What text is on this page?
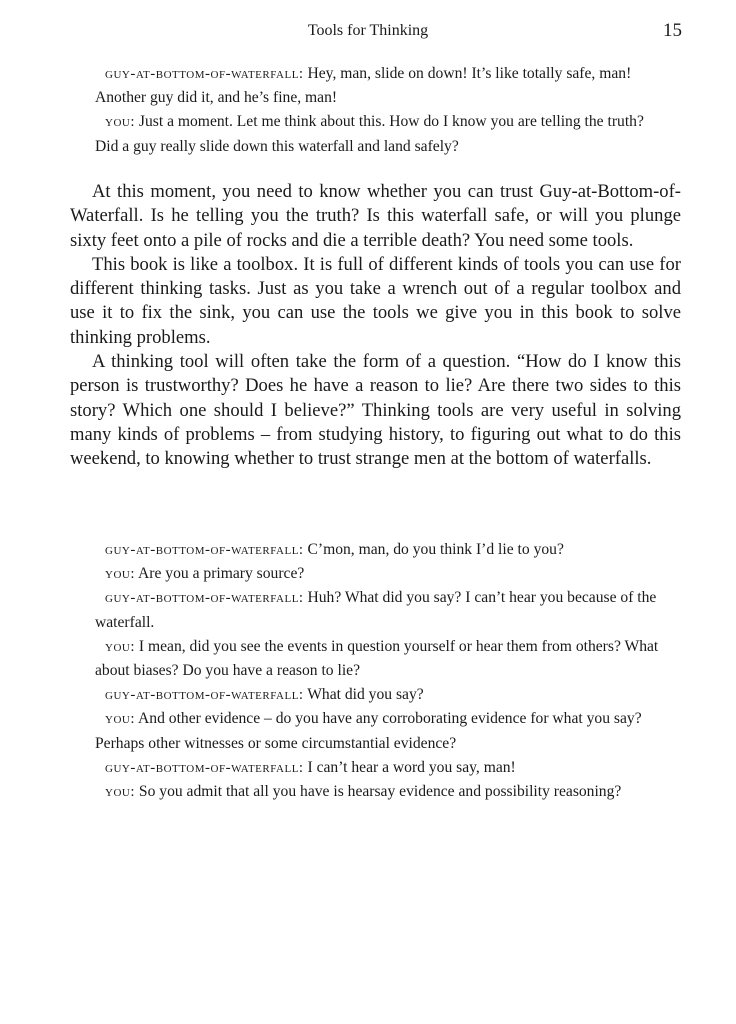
Tools for Thinking	15

guy-at-bottom-of-waterfall: Hey, man, slide on down! It’s like totally safe, man! Another guy did it, and he’s fine, man!

you: Just a moment. Let me think about this. How do I know you are telling the truth? Did a guy really slide down this waterfall and land safely?

At this moment, you need to know whether you can trust Guy-at-Bottom-of-Waterfall. Is he telling you the truth? Is this waterfall safe, or will you plunge sixty feet onto a pile of rocks and die a terrible death? You need some tools.

This book is like a toolbox. It is full of different kinds of tools you can use for different thinking tasks. Just as you take a wrench out of a regular toolbox and use it to fix the sink, you can use the tools we give you in this book to solve thinking problems.

A thinking tool will often take the form of a question. “How do I know this person is trustworthy? Does he have a reason to lie? Are there two sides to this story? Which one should I believe?” Thinking tools are very useful in solving many kinds of problems – from studying history, to figuring out what to do this weekend, to knowing whether to trust strange men at the bottom of waterfalls.

guy-at-bottom-of-waterfall: C’mon, man, do you think I’d lie to you?

you: Are you a primary source?

guy-at-bottom-of-waterfall: Huh? What did you say? I can’t hear you because of the waterfall.

you: I mean, did you see the events in question yourself or hear them from others? What about biases? Do you have a reason to lie?

guy-at-bottom-of-waterfall: What did you say?

you: And other evidence – do you have any corroborating evidence for what you say? Perhaps other witnesses or some circumstantial evidence?

guy-at-bottom-of-waterfall: I can’t hear a word you say, man!

you: So you admit that all you have is hearsay evidence and possibility reasoning?
